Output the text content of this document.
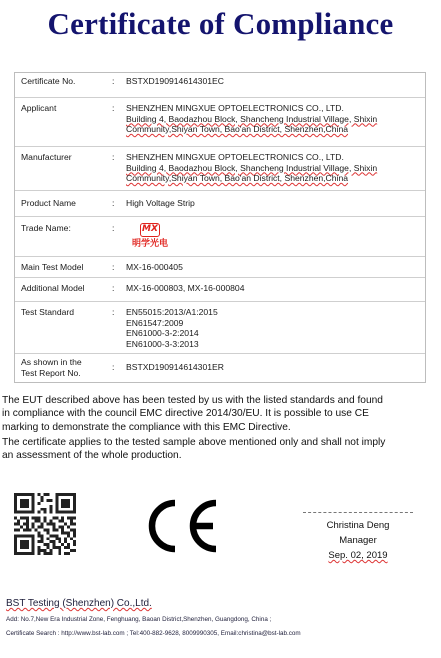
Certificate of Compliance
Certificate No.	: BSTXD190914614301EC
Applicant	: SHENZHEN MINGXUE OPTOELECTRONICS CO., LTD.
Building 4, Baodazhou Block, Shancheng Industrial Village, Shixin
Community,Shiyan Town, Bao'an District, Shenzhen,China
Manufacturer	: SHENZHEN MINGXUE OPTOELECTRONICS CO., LTD.
Building 4, Baodazhou Block, Shancheng Industrial Village, Shixin
Community,Shiyan Town, Bao'an District, Shenzhen,China
Product Name	: High Voltage Strip
Trade Name:	:	MX
明学光电
Main Test Model	: MX-16-000405
Additional Model	: MX-16-000803, MX-16-000804
Test Standard	: EN55015:2013/A1:2015
EN61547:2009
EN61000-3-2:2014
EN61000-3-3:2013
As shown in the
Test Report No.
: BSTXD190914614301ER
The EUT described above has been tested by us with the listed standards and found
in compliance with the council EMC directive 2014/30/EU. It is possible to use CE
marking to demonstrate the compliance with this EMC Directive.
The certificate applies to the tested sample above mentioned only and shall not imply
an assessment of the whole production.
Christina Deng
Manager
Sep. 02, 2019
BST Testing (Shenzhen) Co.,Ltd.
Add: No.7,New Era Industrial Zone, Fenghuang, Baoan District,Shenzhen, Guangdong, China ;
Certificate Search : http://www.bst-lab.com ; Tel:400-882-9628, 8009990305, Email:christina@bst-lab.com
